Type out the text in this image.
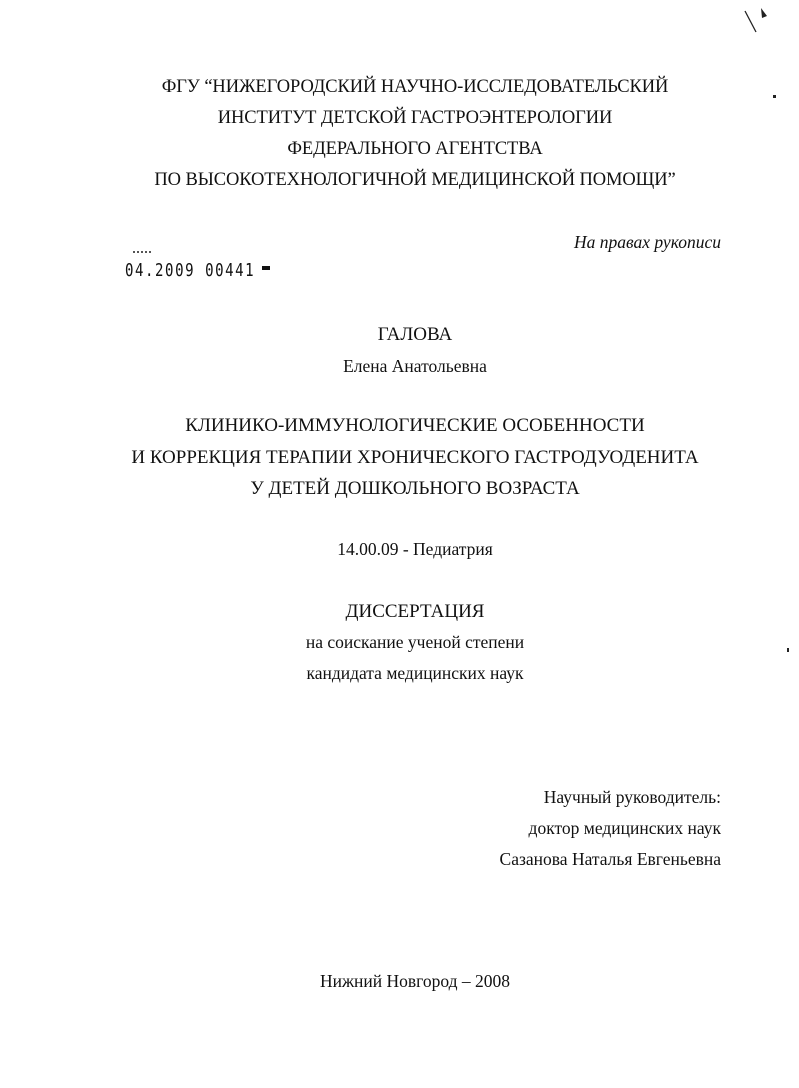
ФГУ “НИЖЕГОРОДСКИЙ НАУЧНО-ИССЛЕДОВАТЕЛЬСКИЙ
ИНСТИТУТ ДЕТСКОЙ ГАСТРОЭНТЕРОЛОГИИ
ФЕДЕРАЛЬНОГО АГЕНТСТВА
ПО ВЫСОКОТЕХНОЛОГИЧНОЙ МЕДИЦИНСКОЙ ПОМОЩИ”
На правах рукописи
04.2009 00441
ГАЛОВА
Елена Анатольевна
КЛИНИКО-ИММУНОЛОГИЧЕСКИЕ ОСОБЕННОСТИ
И КОРРЕКЦИЯ ТЕРАПИИ ХРОНИЧЕСКОГО ГАСТРОДУОДЕНИТА
У ДЕТЕЙ ДОШКОЛЬНОГО ВОЗРАСТА
14.00.09 - Педиатрия
ДИССЕРТАЦИЯ
на соискание ученой степени
кандидата медицинских наук
Научный руководитель:
доктор медицинских наук
Сазанова Наталья Евгеньевна
Нижний Новгород – 2008
